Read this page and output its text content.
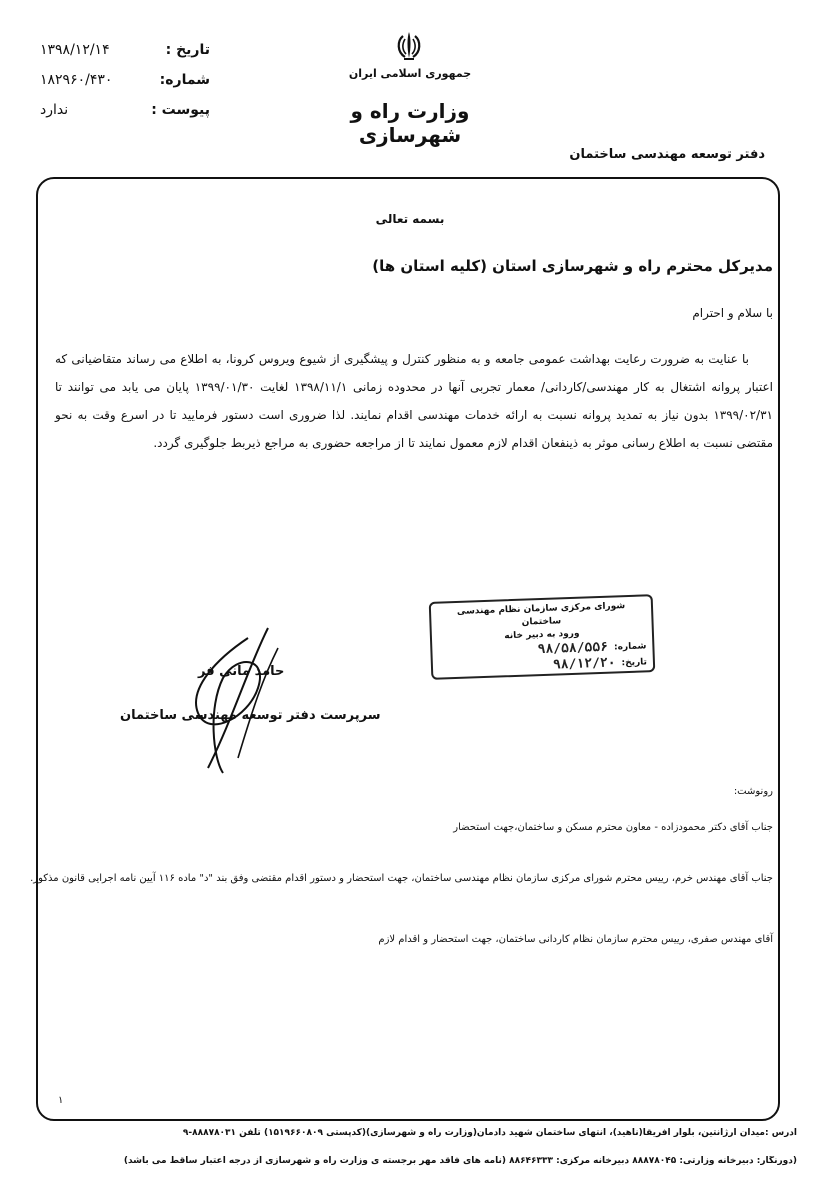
تاریخ :
۱۳۹۸/۱۲/۱۴
شماره:
۱۸۲۹۶۰/۴۳۰
پیوست :
ندارد
جمهوری اسلامی ایران
وزارت راه و شهرسازی
دفتر توسعه مهندسی ساختمان
بسمه تعالی
مدیرکل محترم راه و شهرسازی استان (کلیه استان ها)
با سلام و احترام
با عنایت به ضرورت رعایت بهداشت عمومی جامعه و به منظور کنترل و پیشگیری از شیوع ویروس کرونا، به اطلاع می رساند متقاضیانی که اعتبار پروانه اشتغال به کار مهندسی/کاردانی/ معمار تجربی آنها در محدوده زمانی ۱۳۹۸/۱۱/۱ لغایت ۱۳۹۹/۰۱/۳۰ پایان می یابد می توانند تا ۱۳۹۹/۰۲/۳۱ بدون نیاز به تمدید پروانه نسبت به ارائه خدمات مهندسی اقدام نمایند. لذا ضروری است دستور فرمایید تا در اسرع وقت به نحو مقتضی نسبت به اطلاع رسانی موثر به ذینفعان اقدام لازم معمول نمایند تا از مراجعه حضوری به مراجع ذیربط جلوگیری گردد.
شورای مرکزی سازمان نظام مهندسی ساختمان
ورود به دبیر خانه
شماره:
۹۸/۵۸/۵۵۶
تاریخ:
۹۸/۱۲/۲۰
حامد مانی فر
سرپرست دفتر توسعه مهندسی ساختمان
رونوشت:
جناب آقای دکتر محمودزاده - معاون محترم مسکن و ساختمان،جهت استحضار
جناب آقای مهندس خرم، رییس محترم شورای مرکزی سازمان نظام مهندسی ساختمان، جهت استحضار و دستور اقدام مقتضی وفق بند "د" ماده ۱۱۶ آیین نامه اجرایی قانون مذکور.
آقای مهندس صفری، رییس محترم سازمان نظام کاردانی ساختمان، جهت استحضار و اقدام لازم
۱
آدرس :میدان آرژانتین، بلوار آفریقا(ناهید)، انتهای ساختمان شهید دادمان(وزارت راه و شهرسازی)(کدپستی ۱۵۱۹۶۶۰۸۰۹) تلفن ۸۸۸۷۸۰۳۱-۹
(دورنگار: دبیرخانه وزارتی: ۸۸۸۷۸۰۴۵ دبیرخانه مرکزی: ۸۸۶۴۶۳۳۳ (نامه های فاقد مهر برجسته ی وزارت راه و شهرسازی از درجه اعتبار ساقط می باشد)
